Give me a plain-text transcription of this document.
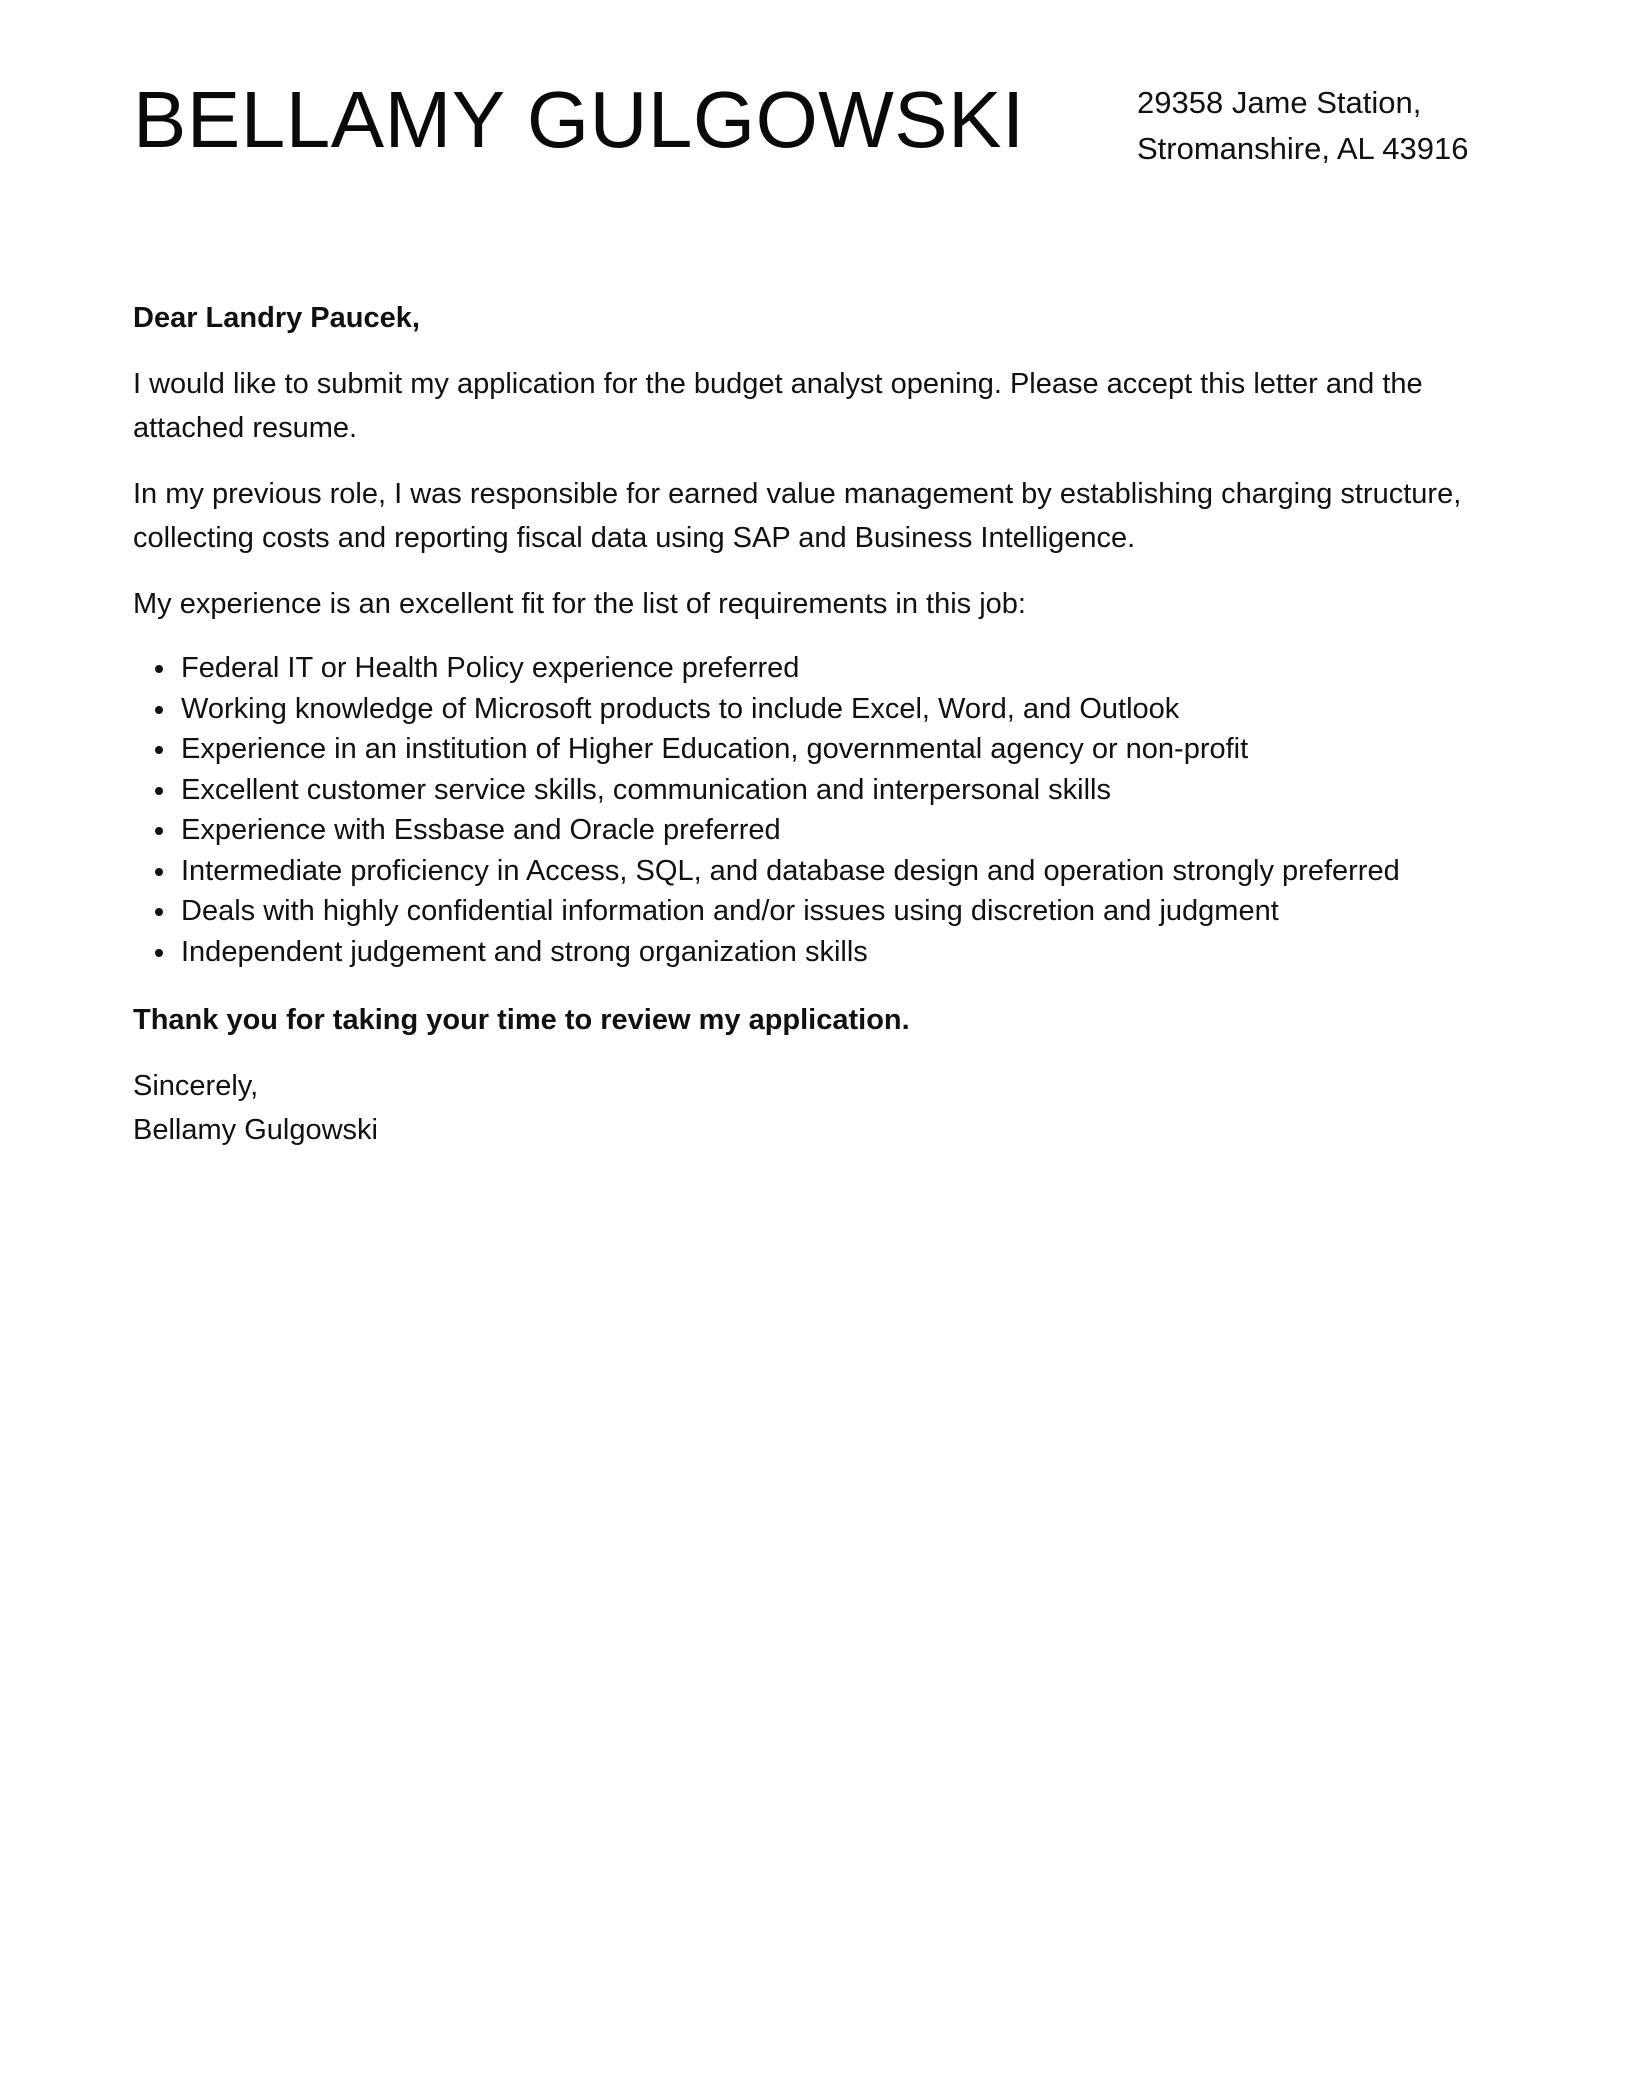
BELLAMY GULGOWSKI	29358 Jame Station,
Stromanshire, AL 43916

Dear Landry Paucek,

I would like to submit my application for the budget analyst opening. Please accept this letter and the attached resume.

In my previous role, I was responsible for earned value management by establishing charging structure, collecting costs and reporting fiscal data using SAP and Business Intelligence.

My experience is an excellent fit for the list of requirements in this job:

Federal IT or Health Policy experience preferred
Working knowledge of Microsoft products to include Excel, Word, and Outlook
Experience in an institution of Higher Education, governmental agency or non-profit
Excellent customer service skills, communication and interpersonal skills
Experience with Essbase and Oracle preferred
Intermediate proficiency in Access, SQL, and database design and operation strongly preferred
Deals with highly confidential information and/or issues using discretion and judgment
Independent judgement and strong organization skills

Thank you for taking your time to review my application.

Sincerely,

Bellamy Gulgowski
